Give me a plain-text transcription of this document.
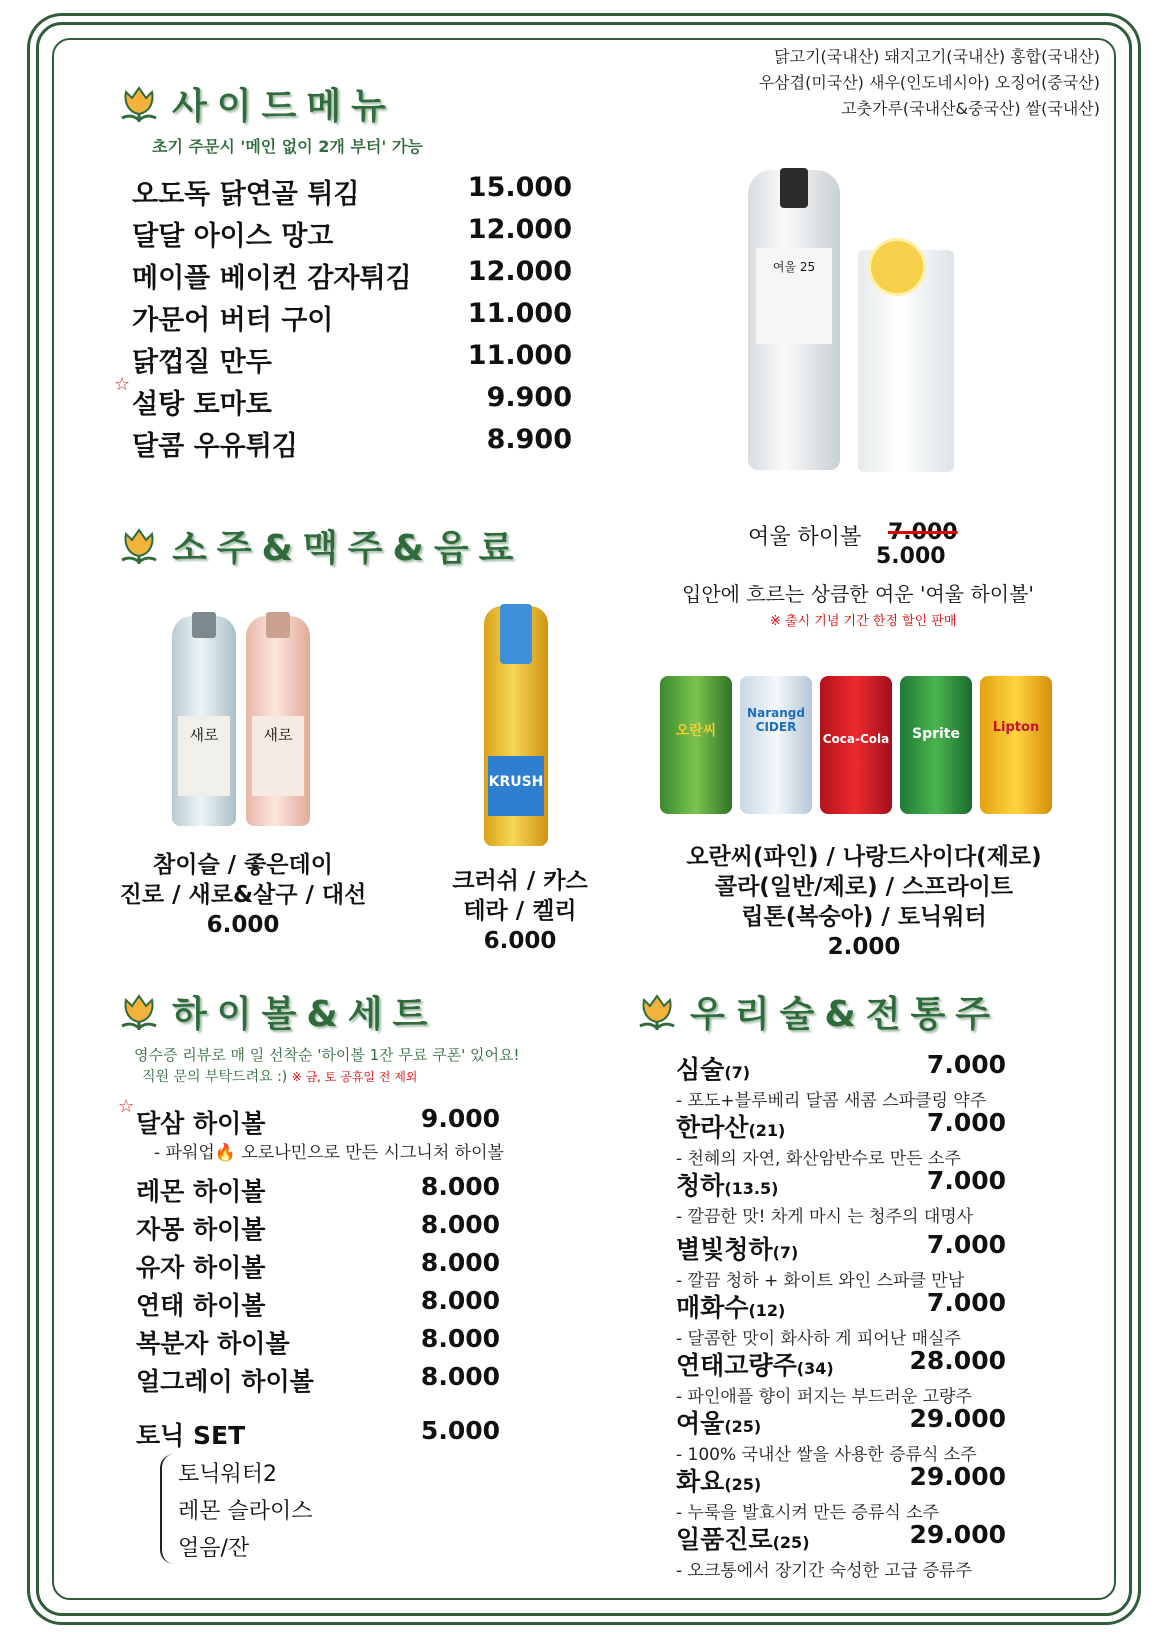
닭고기(국내산) 돼지고기(국내산) 홍합(국내산)
우삼겹(미국산) 새우(인도네시아) 오징어(중국산)
고춧가루(국내산&중국산) 쌀(국내산)
사이드메뉴
초기 주문시 '메인 없이 2개 부터' 가능
오도독 닭연골 튀김	15.000
달달 아이스 망고	12.000
메이플 베이컨 감자튀김 12.000
가문어 버터 구이	11.000
닭껍질 만두	11.000
☆
설탕 토마토	9.900
달콤 우유튀김	8.900
여울 25
여울 하이볼 7.000
5.000
입안에 흐르는 상큼한 여운 '여울 하이볼'
※ 출시 기념 기간 한정 할인 판매
소주&맥주&음료
새로	새로
KRUSH
오란씨
Narangd CIDER
Coca-Cola	Sprite	Lipton
참이슬 / 좋은데이
진로 / 새로&살구 / 대선
6.000
크러쉬 / 카스
테라 / 켈리
6.000
오란씨(파인) / 나랑드사이다(제로)
콜라(일반/제로) / 스프라이트
립톤(복숭아) / 토닉워터
2.000
하이볼&세트
영수증 리뷰로 매 일 선착순 '하이볼 1잔 무료 쿠폰' 있어요!
직원 문의 부탁드려요 :) ※ 금, 토 공휴일 전 제외
☆
달삼 하이볼	9.000
- 파워업🔥 오로나민으로 만든 시그니처 하이볼
레몬 하이볼	8.000
자몽 하이볼	8.000
유자 하이볼	8.000
연태 하이볼	8.000
복분자 하이볼	8.000
얼그레이 하이볼	8.000
토닉 SET	5.000
토닉워터2
레몬 슬라이스
얼음/잔
우리술&전통주
심술(7)	7.000
- 포도+블루베리 달콤 새콤 스파클링 약주
한라산(21)	7.000
- 천혜의 자연, 화산암반수로 만든 소주
청하(13.5)	7.000
- 깔끔한 맛! 차게 마시 는 청주의 대명사
별빛청하(7)	7.000
- 깔끔 청하 + 화이트 와인 스파클 만남
매화수(12)	7.000
- 달콤한 맛이 화사하 게 피어난 매실주
연태고량주(34)	28.000
- 파인애플 향이 퍼지는 부드러운 고량주
여울(25)	29.000
- 100% 국내산 쌀을 사용한 증류식 소주
화요(25)	29.000
- 누룩을 발효시켜 만든 증류식 소주
일품진로(25)	29.000
- 오크통에서 장기간 숙성한 고급 증류주
